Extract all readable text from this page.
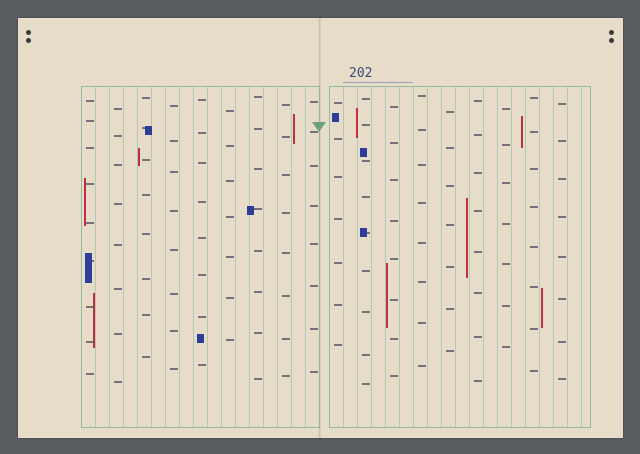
202
